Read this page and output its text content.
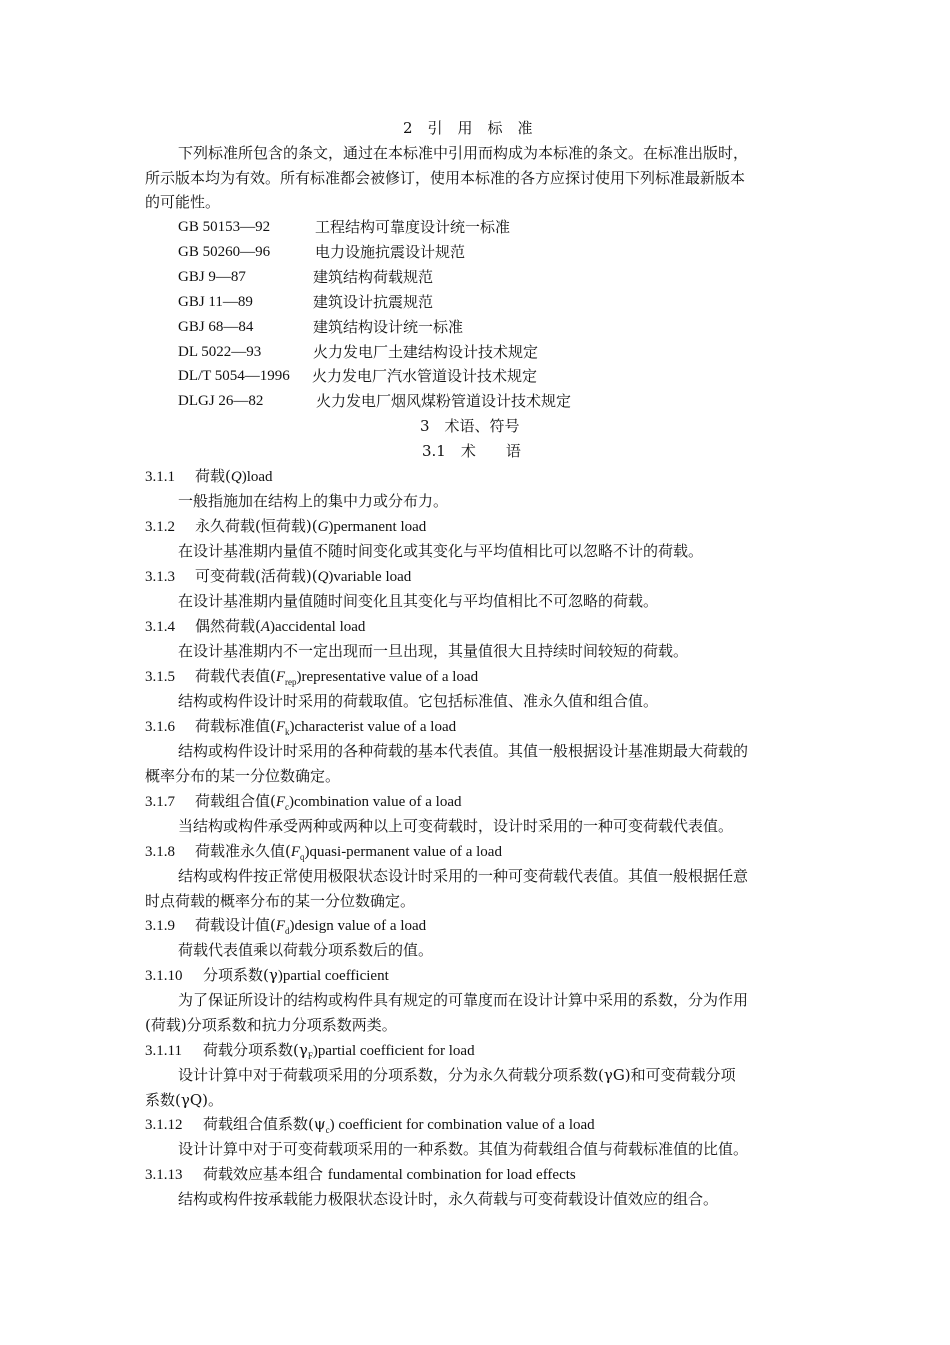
2　引　用　标　准
下列标准所包含的条文，通过在本标准中引用而构成为本标准的条文。在标准出版时，
所示版本均为有效。所有标准都会被修订，使用本标准的各方应探讨使用下列标准最新版本
的可能性。
GB 50153—92	工程结构可靠度设计统一标准
GB 50260—96	电力设施抗震设计规范
GBJ 9—87	建筑结构荷载规范
GBJ 11—89	建筑设计抗震规范
GBJ 68—84	建筑结构设计统一标准
DL 5022—93	火力发电厂土建结构设计技术规定
DL/T 5054—1996 火力发电厂汽水管道设计技术规定
DLGJ 26—82	火力发电厂烟风煤粉管道设计技术规定
3　术语、符号
3.1　术　　语
3.1.1 荷载(Q)load
一般指施加在结构上的集中力或分布力。
3.1.2 永久荷载(恒荷载)(G)permanent load
在设计基准期内量值不随时间变化或其变化与平均值相比可以忽略不计的荷载。
3.1.3 可变荷载(活荷载)(Q)variable load
在设计基准期内量值随时间变化且其变化与平均值相比不可忽略的荷载。
3.1.4 偶然荷载(A)accidental load
在设计基准期内不一定出现而一旦出现，其量值很大且持续时间较短的荷载。
3.1.5 荷载代表值$(F_{rep})representative$ value of a load
结构或构件设计时采用的荷载取值。它包括标准值、准永久值和组合值。
3.1.6 荷载标准值$(F_k)characterist$ value of a load
结构或构件设计时采用的各种荷载的基本代表值。其值一般根据设计基准期最大荷载的
概率分布的某一分位数确定。
3.1.7 荷载组合值$(F_c)combination$ value of a load
当结构或构件承受两种或两种以上可变荷载时，设计时采用的一种可变荷载代表值。
3.1.8 荷载准永久值$(F_q)quasi$-permanent value of a load
结构或构件按正常使用极限状态设计时采用的一种可变荷载代表值。其值一般根据任意
时点荷载的概率分布的某一分位数确定。
3.1.9 荷载设计值$(F_d)design$ value of a load
荷载代表值乘以荷载分项系数后的值。
3.1.10 分项系数(γ)partial coefficient
为了保证所设计的结构或构件具有规定的可靠度而在设计计算中采用的系数，分为作用
(荷载)分项系数和抗力分项系数两类。
3.1.11 荷载分项系数$(\gamma_F)partial$ coefficient for load
设计计算中对于荷载项采用的分项系数，分为永久荷载分项系数(γG)和可变荷载分项
系数(γQ)。
3.1.12 荷载组合值系数$(\psi_c)$ coefficient for combination value of a load
设计计算中对于可变荷载项采用的一种系数。其值为荷载组合值与荷载标准值的比值。
3.1.13 荷载效应基本组合 fundamental combination for load effects
结构或构件按承载能力极限状态设计时，永久荷载与可变荷载设计值效应的组合。
